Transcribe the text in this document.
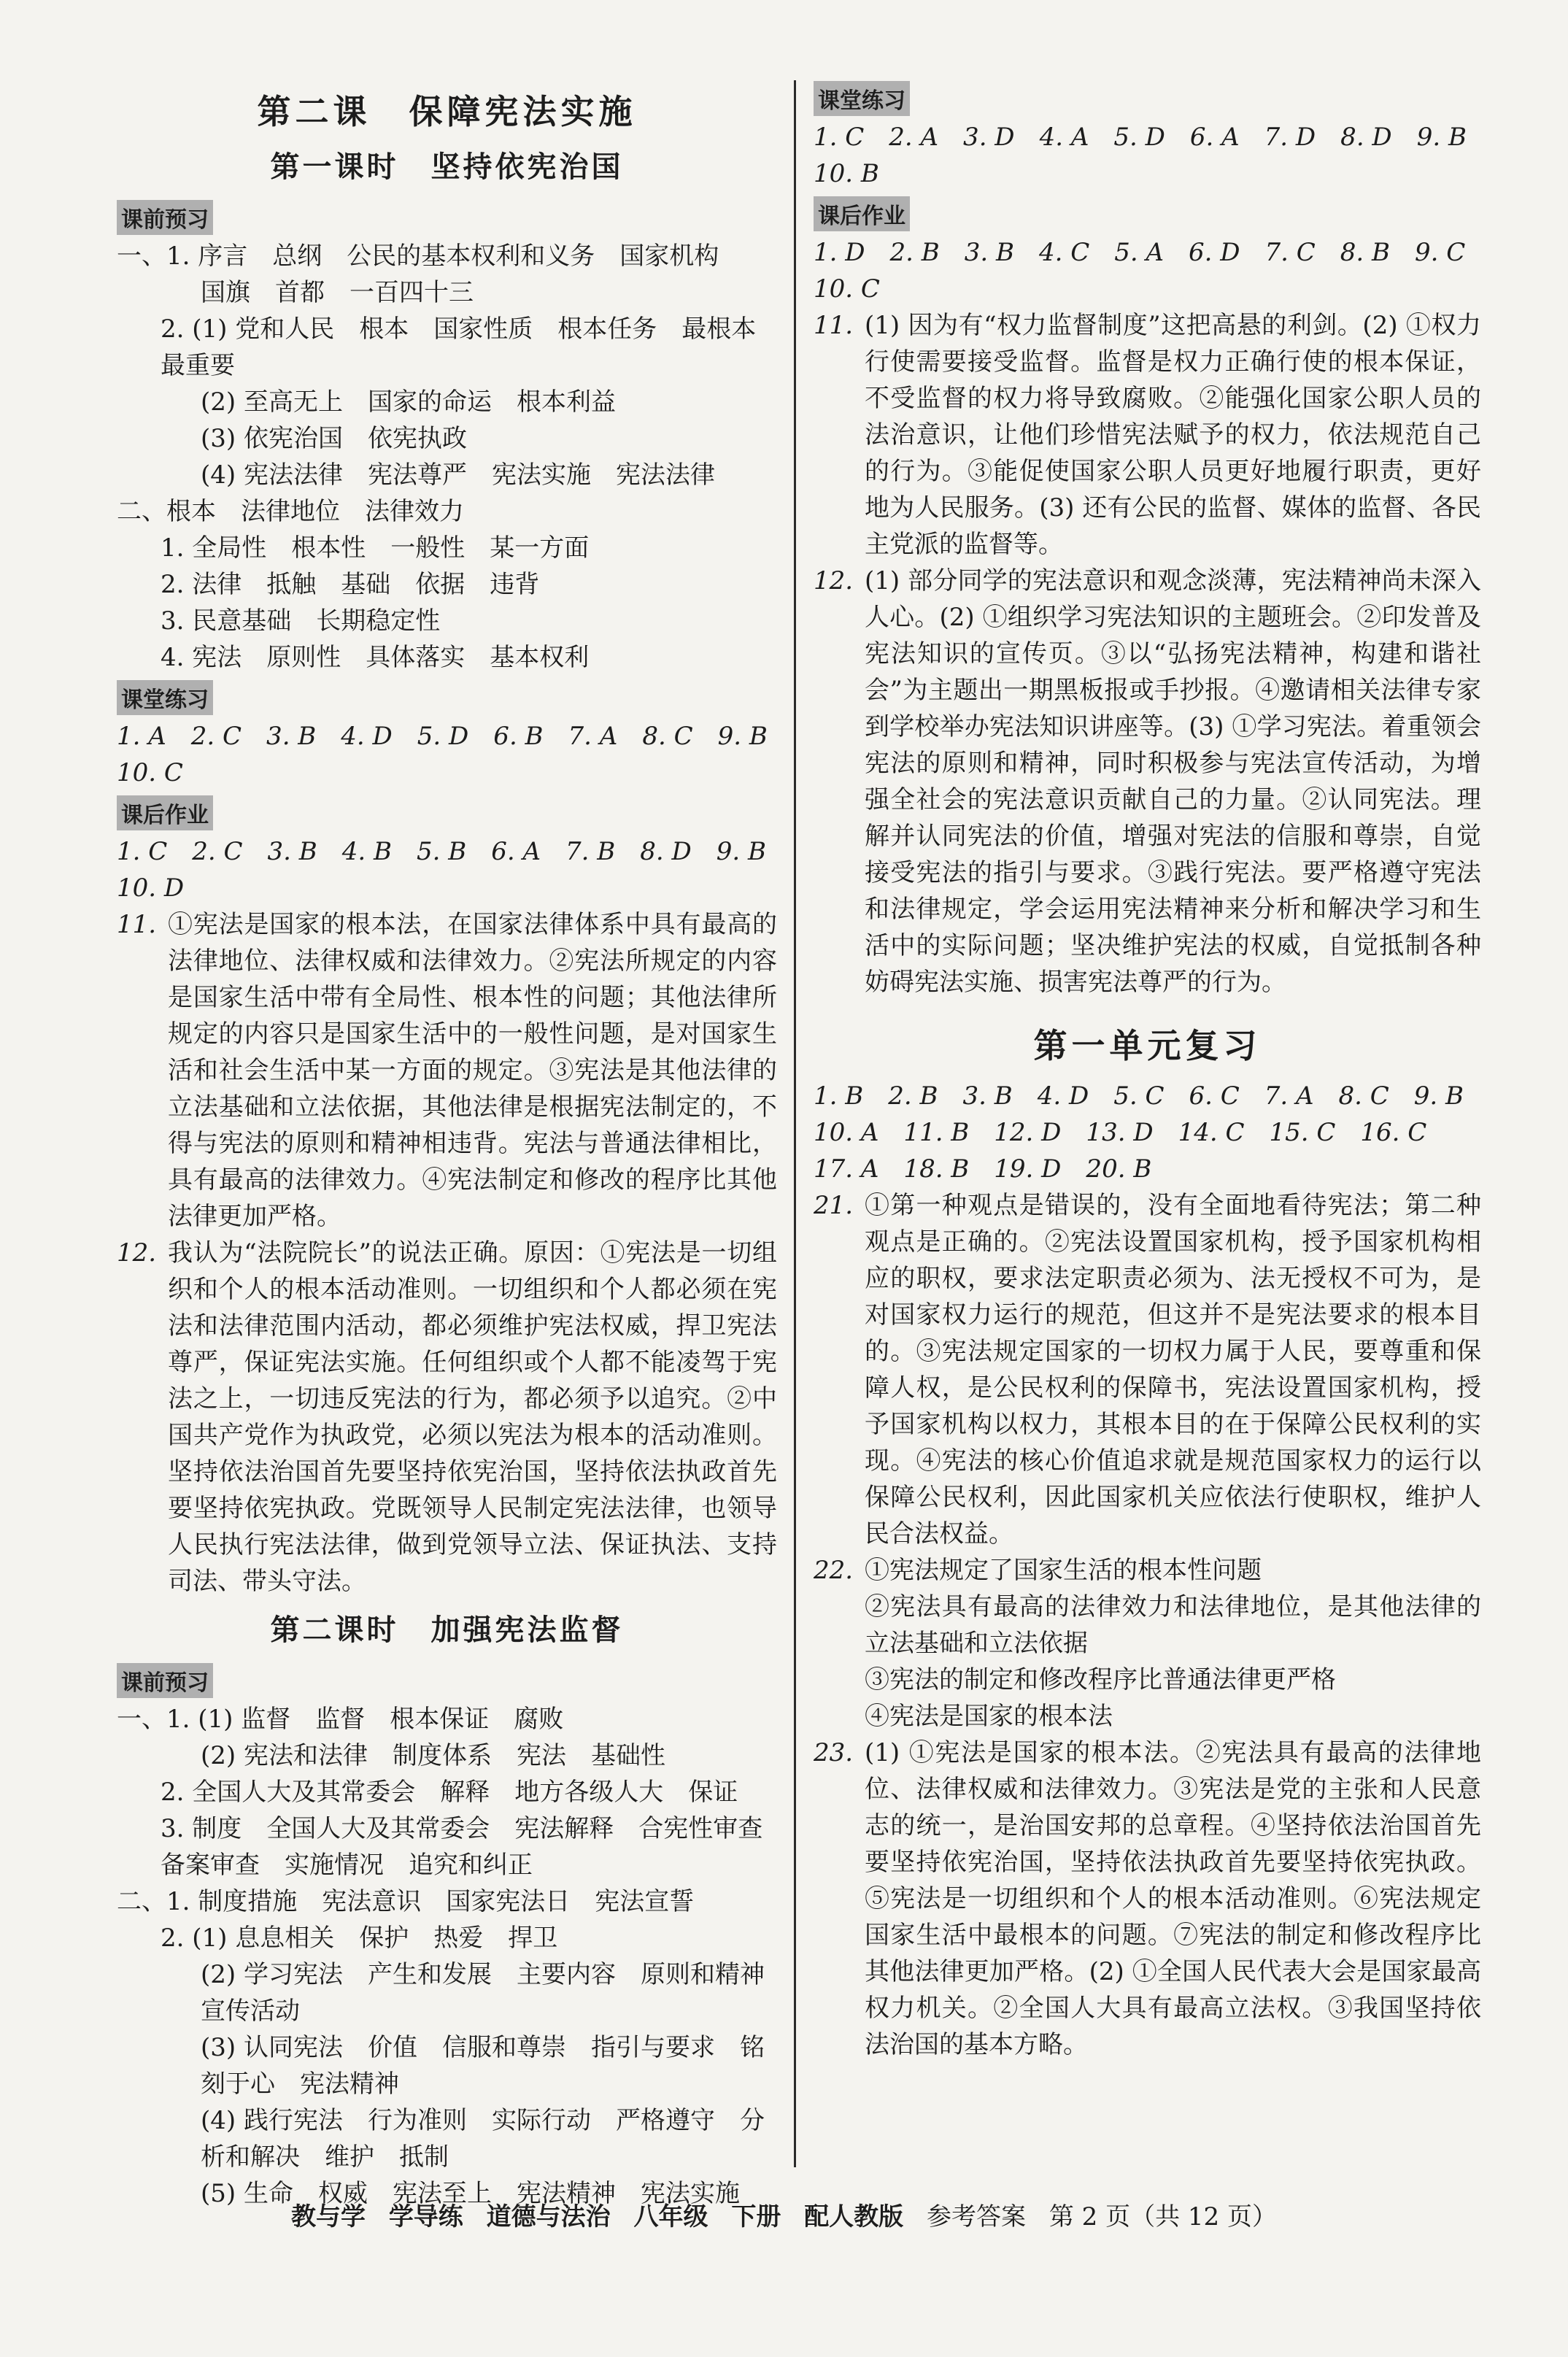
第二课　保障宪法实施
第一课时　坚持依宪治国
课前预习
一、1. 序言　总纲　公民的基本权利和义务　国家机构
国旗　首都　一百四十三
2. (1) 党和人民　根本　国家性质　根本任务　最根本　最重要
(2) 至高无上　国家的命运　根本利益
(3) 依宪治国　依宪执政
(4) 宪法法律　宪法尊严　宪法实施　宪法法律
二、根本　法律地位　法律效力
1. 全局性　根本性　一般性　某一方面
2. 法律　抵触　基础　依据　违背
3. 民意基础　长期稳定性
4. 宪法　原则性　具体落实　基本权利
课堂练习
1. A　2. C　3. B　4. D　5. D　6. B　7. A　8. C　9. B
10. C
课后作业
1. C　2. C　3. B　4. B　5. B　6. A　7. B　8. D　9. B
10. D
11. ①宪法是国家的根本法，在国家法律体系中具有最高的法律地位、法律权威和法律效力。②宪法所规定的内容是国家生活中带有全局性、根本性的问题；其他法律所规定的内容只是国家生活中的一般性问题，是对国家生活和社会生活中某一方面的规定。③宪法是其他法律的立法基础和立法依据，其他法律是根据宪法制定的，不得与宪法的原则和精神相违背。宪法与普通法律相比，具有最高的法律效力。④宪法制定和修改的程序比其他法律更加严格。
12. 我认为“法院院长”的说法正确。原因：①宪法是一切组织和个人的根本活动准则。一切组织和个人都必须在宪法和法律范围内活动，都必须维护宪法权威，捍卫宪法尊严，保证宪法实施。任何组织或个人都不能凌驾于宪法之上，一切违反宪法的行为，都必须予以追究。②中国共产党作为执政党，必须以宪法为根本的活动准则。坚持依法治国首先要坚持依宪治国，坚持依法执政首先要坚持依宪执政。党既领导人民制定宪法法律，也领导人民执行宪法法律，做到党领导立法、保证执法、支持司法、带头守法。
第二课时　加强宪法监督
课前预习
一、1. (1) 监督　监督　根本保证　腐败
(2) 宪法和法律　制度体系　宪法　基础性
2. 全国人大及其常委会　解释　地方各级人大　保证
3. 制度　全国人大及其常委会　宪法解释　合宪性审查　备案审查　实施情况　追究和纠正
二、1. 制度措施　宪法意识　国家宪法日　宪法宣誓
2. (1) 息息相关　保护　热爱　捍卫
(2) 学习宪法　产生和发展　主要内容　原则和精神　宣传活动
(3) 认同宪法　价值　信服和尊崇　指引与要求　铭刻于心　宪法精神
(4) 践行宪法　行为准则　实际行动　严格遵守　分析和解决　维护　抵制
(5) 生命　权威　宪法至上　宪法精神　宪法实施
课堂练习
1. C　2. A　3. D　4. A　5. D　6. A　7. D　8. D　9. B
10. B
课后作业
1. D　2. B　3. B　4. C　5. A　6. D　7. C　8. B　9. C
10. C
11. (1) 因为有“权力监督制度”这把高悬的利剑。(2) ①权力行使需要接受监督。监督是权力正确行使的根本保证，不受监督的权力将导致腐败。②能强化国家公职人员的法治意识，让他们珍惜宪法赋予的权力，依法规范自己的行为。③能促使国家公职人员更好地履行职责，更好地为人民服务。(3) 还有公民的监督、媒体的监督、各民主党派的监督等。
12. (1) 部分同学的宪法意识和观念淡薄，宪法精神尚未深入人心。(2) ①组织学习宪法知识的主题班会。②印发普及宪法知识的宣传页。③以“弘扬宪法精神，构建和谐社会”为主题出一期黑板报或手抄报。④邀请相关法律专家到学校举办宪法知识讲座等。(3) ①学习宪法。着重领会宪法的原则和精神，同时积极参与宪法宣传活动，为增强全社会的宪法意识贡献自己的力量。②认同宪法。理解并认同宪法的价值，增强对宪法的信服和尊崇，自觉接受宪法的指引与要求。③践行宪法。要严格遵守宪法和法律规定，学会运用宪法精神来分析和解决学习和生活中的实际问题；坚决维护宪法的权威，自觉抵制各种妨碍宪法实施、损害宪法尊严的行为。
第一单元复习
1. B　2. B　3. B　4. D　5. C　6. C　7. A　8. C　9. B
10. A　11. B　12. D　13. D　14. C　15. C　16. C
17. A　18. B　19. D　20. B
21. ①第一种观点是错误的，没有全面地看待宪法；第二种观点是正确的。②宪法设置国家机构，授予国家机构相应的职权，要求法定职责必须为、法无授权不可为，是对国家权力运行的规范，但这并不是宪法要求的根本目的。③宪法规定国家的一切权力属于人民，要尊重和保障人权，是公民权利的保障书，宪法设置国家机构，授予国家机构以权力，其根本目的在于保障公民权利的实现。④宪法的核心价值追求就是规范国家权力的运行以保障公民权利，因此国家机关应依法行使职权，维护人民合法权益。
22. ①宪法规定了国家生活的根本性问题
②宪法具有最高的法律效力和法律地位，是其他法律的立法基础和立法依据
③宪法的制定和修改程序比普通法律更严格
④宪法是国家的根本法
23. (1) ①宪法是国家的根本法。②宪法具有最高的法律地位、法律权威和法律效力。③宪法是党的主张和人民意志的统一，是治国安邦的总章程。④坚持依法治国首先要坚持依宪治国，坚持依法执政首先要坚持依宪执政。⑤宪法是一切组织和个人的根本活动准则。⑥宪法规定国家生活中最根本的问题。⑦宪法的制定和修改程序比其他法律更加严格。(2) ①全国人民代表大会是国家最高权力机关。②全国人大具有最高立法权。③我国坚持依法治国的基本方略。
教与学 学导练 道德与法治 八年级 下册 配人教版 参考答案 第 2 页（共 12 页）
